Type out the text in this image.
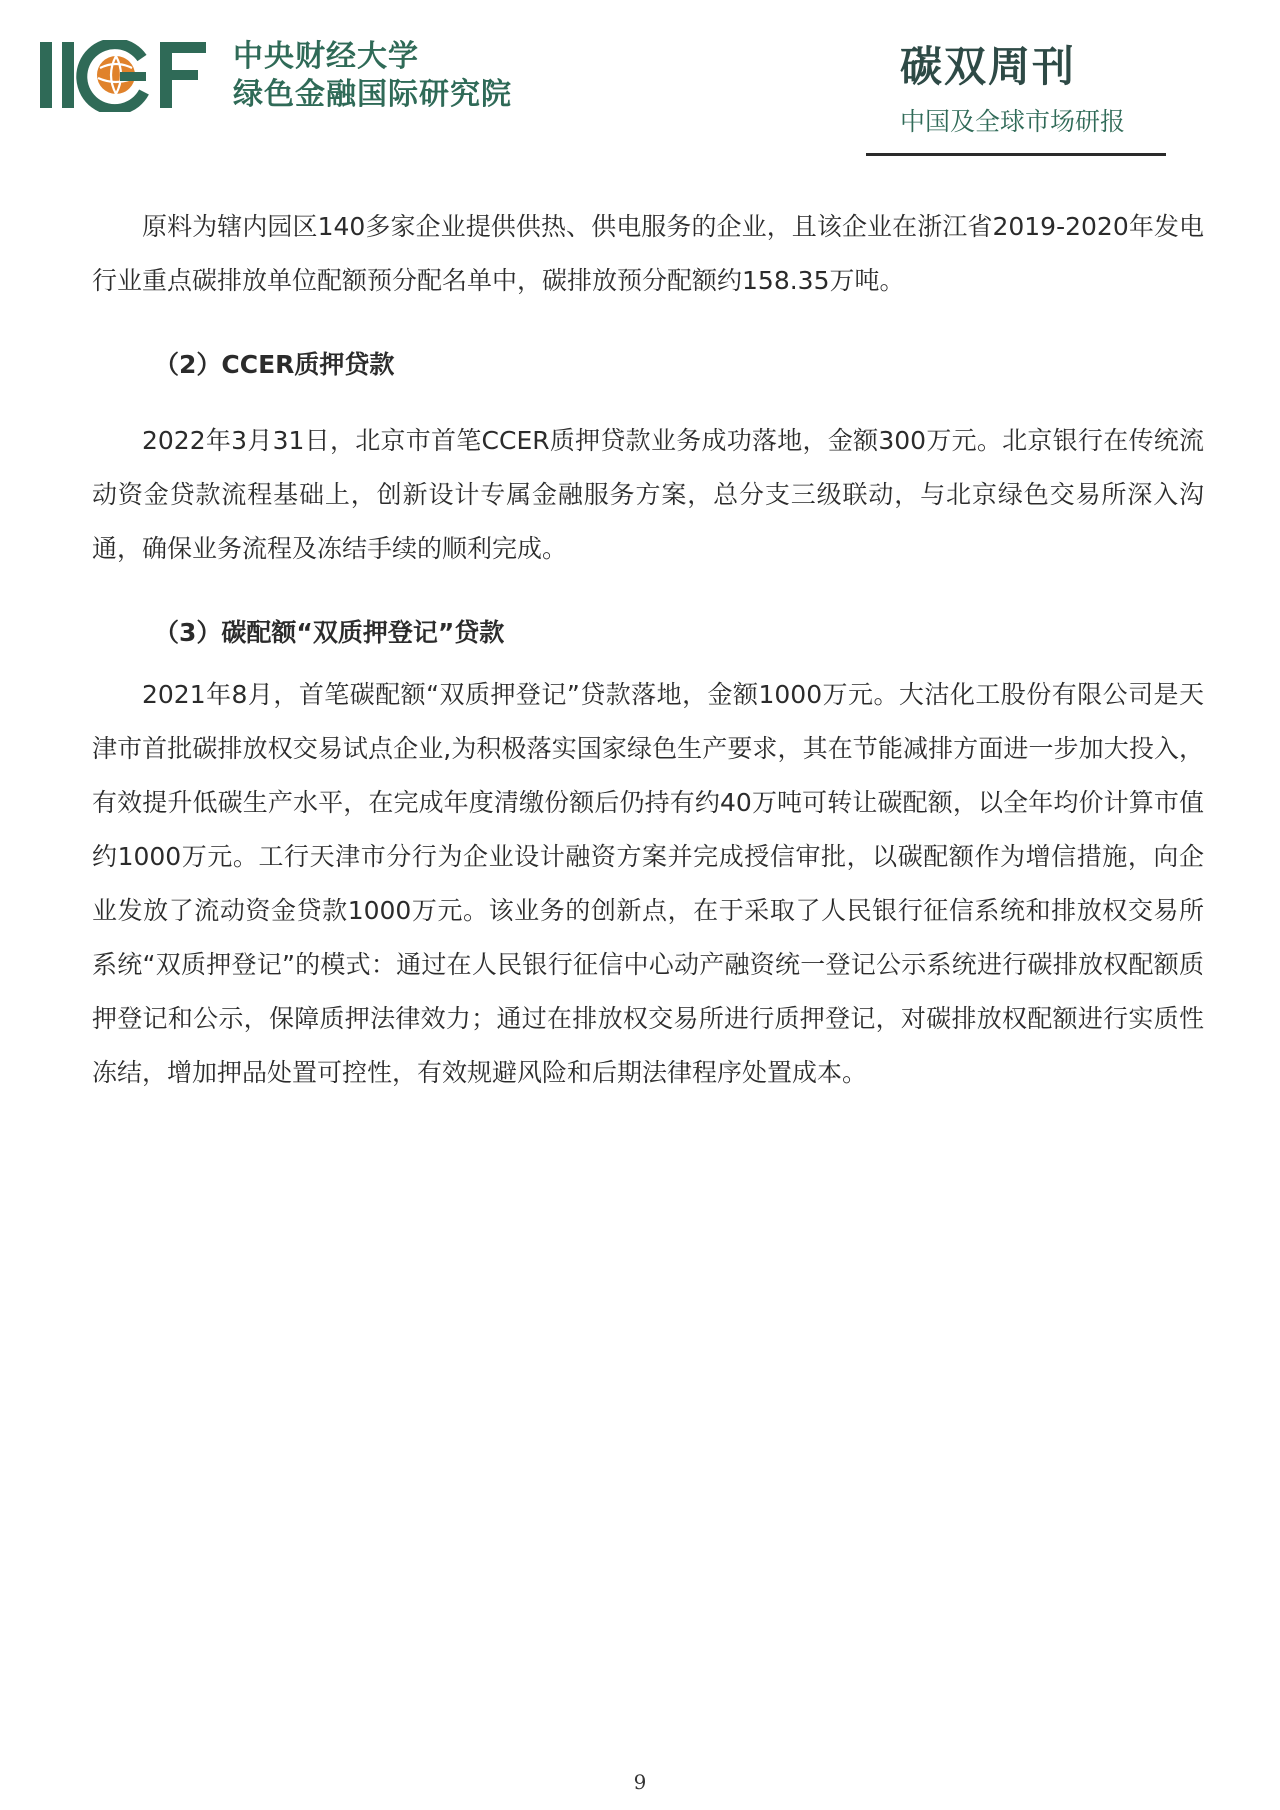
中央财经大学
绿色金融国际研究院
碳双周刊
中国及全球市场研报

原料为辖内园区140多家企业提供供热、供电服务的企业，且该企业在浙江省2019-2020年发电行业重点碳排放单位配额预分配名单中，碳排放预分配额约158.35万吨。

（2）CCER质押贷款

2022年3月31日，北京市首笔CCER质押贷款业务成功落地，金额300万元。北京银行在传统流动资金贷款流程基础上，创新设计专属金融服务方案，总分支三级联动，与北京绿色交易所深入沟通，确保业务流程及冻结手续的顺利完成。

（3）碳配额“双质押登记”贷款

2021年8月，首笔碳配额“双质押登记”贷款落地，金额1000万元。大沽化工股份有限公司是天津市首批碳排放权交易试点企业,为积极落实国家绿色生产要求，其在节能减排方面进一步加大投入，有效提升低碳生产水平，在完成年度清缴份额后仍持有约40万吨可转让碳配额，以全年均价计算市值约1000万元。工行天津市分行为企业设计融资方案并完成授信审批，以碳配额作为增信措施，向企业发放了流动资金贷款1000万元。该业务的创新点，在于采取了人民银行征信系统和排放权交易所系统“双质押登记”的模式：通过在人民银行征信中心动产融资统一登记公示系统进行碳排放权配额质押登记和公示，保障质押法律效力；通过在排放权交易所进行质押登记，对碳排放权配额进行实质性冻结，增加押品处置可控性，有效规避风险和后期法律程序处置成本。

9
